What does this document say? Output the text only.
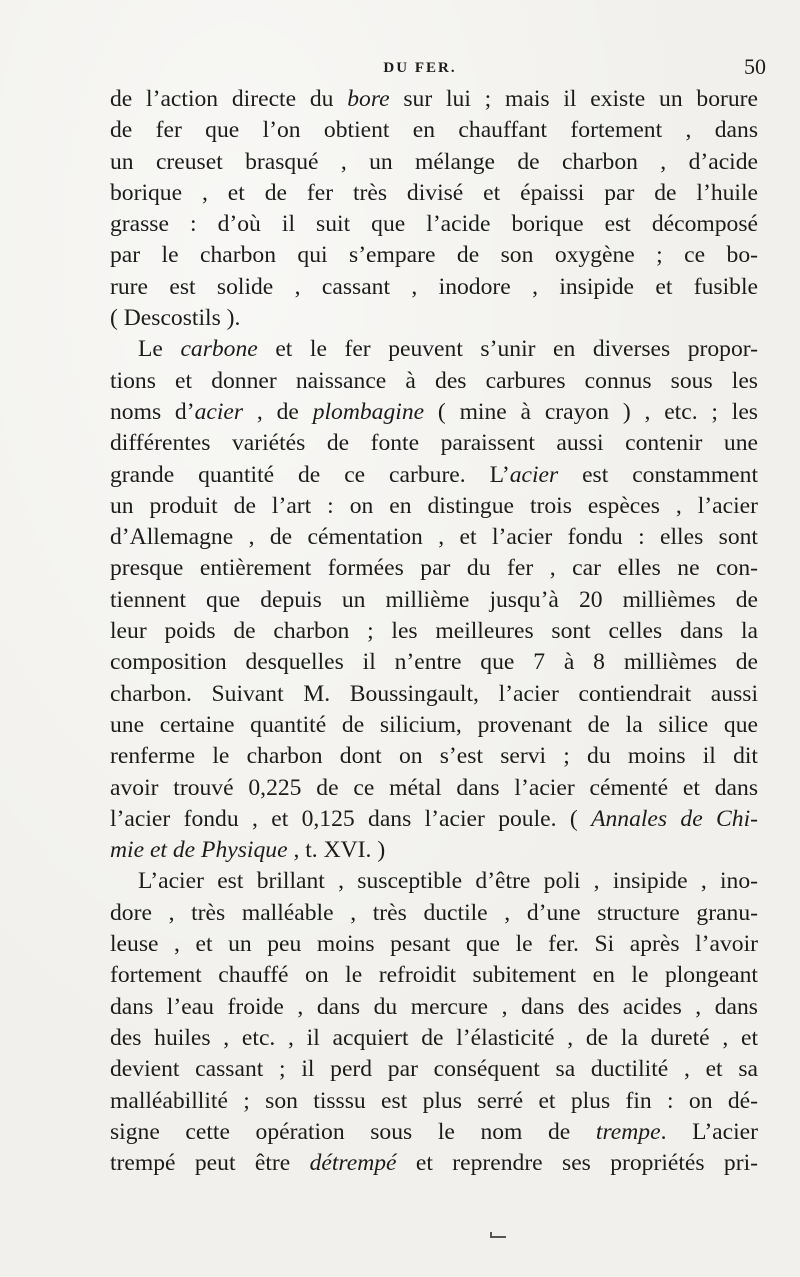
DU FER.	50
de l’action directe du bore sur lui ; mais il existe un borure
de fer que l’on obtient en chauffant fortement , dans
un creuset brasqué , un mélange de charbon , d’acide
borique , et de fer très divisé et épaissi par de l’huile
grasse : d’où il suit que l’acide borique est décomposé
par le charbon qui s’empare de son oxygène ; ce bo-
rure est solide , cassant , inodore , insipide et fusible
( Descostils ).
Le carbone et le fer peuvent s’unir en diverses propor-
tions et donner naissance à des carbures connus sous les
noms d’acier , de plombagine ( mine à crayon ) , etc. ; les
différentes variétés de fonte paraissent aussi contenir une
grande quantité de ce carbure. L’acier est constamment
un produit de l’art : on en distingue trois espèces , l’acier
d’Allemagne , de cémentation , et l’acier fondu : elles sont
presque entièrement formées par du fer , car elles ne con-
tiennent que depuis un millième jusqu’à 20 millièmes de
leur poids de charbon ; les meilleures sont celles dans la
composition desquelles il n’entre que 7 à 8 millièmes de
charbon. Suivant M. Boussingault, l’acier contiendrait aussi
une certaine quantité de silicium, provenant de la silice que
renferme le charbon dont on s’est servi ; du moins il dit
avoir trouvé 0,225 de ce métal dans l’acier cémenté et dans
l’acier fondu , et 0,125 dans l’acier poule. ( Annales de Chi-
mie et de Physique , t. XVI. )
L’acier est brillant , susceptible d’être poli , insipide , ino-
dore , très malléable , très ductile , d’une structure granu-
leuse , et un peu moins pesant que le fer. Si après l’avoir
fortement chauffé on le refroidit subitement en le plongeant
dans l’eau froide , dans du mercure , dans des acides , dans
des huiles , etc. , il acquiert de l’élasticité , de la dureté , et
devient cassant ; il perd par conséquent sa ductilité , et sa
malléabillité ; son tisssu est plus serré et plus fin : on dé-
signe cette opération sous le nom de trempe. L’acier
trempé peut être détrempé et reprendre ses propriétés pri-
